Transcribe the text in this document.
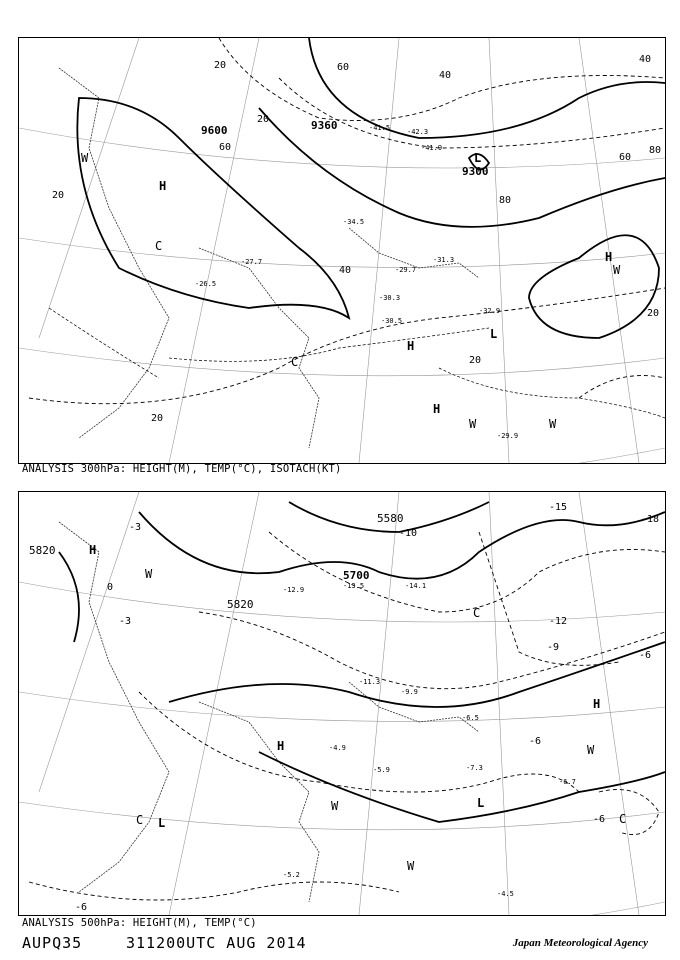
9600	9360
9300
20
20
20
20
40
40
40
60
60
60
80
80
20
20
H
H
H
H
L
L
C
C
W
W
W	W
-41.5 -42.3
-41.9
-34.5
-30.3
-29.7
-31.3
-32.9
-30.5
-29.9
-26.5
-27.7
ANALYSIS 300hPa: HEIGHT(M), TEMP(°C), ISOTACH(KT)
5820
5820
5700
5580
-3
-6
-9
-12
-15
-18
-10
-6
-6
-6
0
-3
H
H
H
L
L
C
C
C
W
W
W
W
-13.5	-14.1
-12.9
-11.3
-9.9
-6.5
-5.9
-4.9
-7.3
-6.7
-4.5
-5.2
ANALYSIS 500hPa: HEIGHT(M), TEMP(°C)
AUPQ35	311200UTC AUG 2014	Japan Meteorological Agency
